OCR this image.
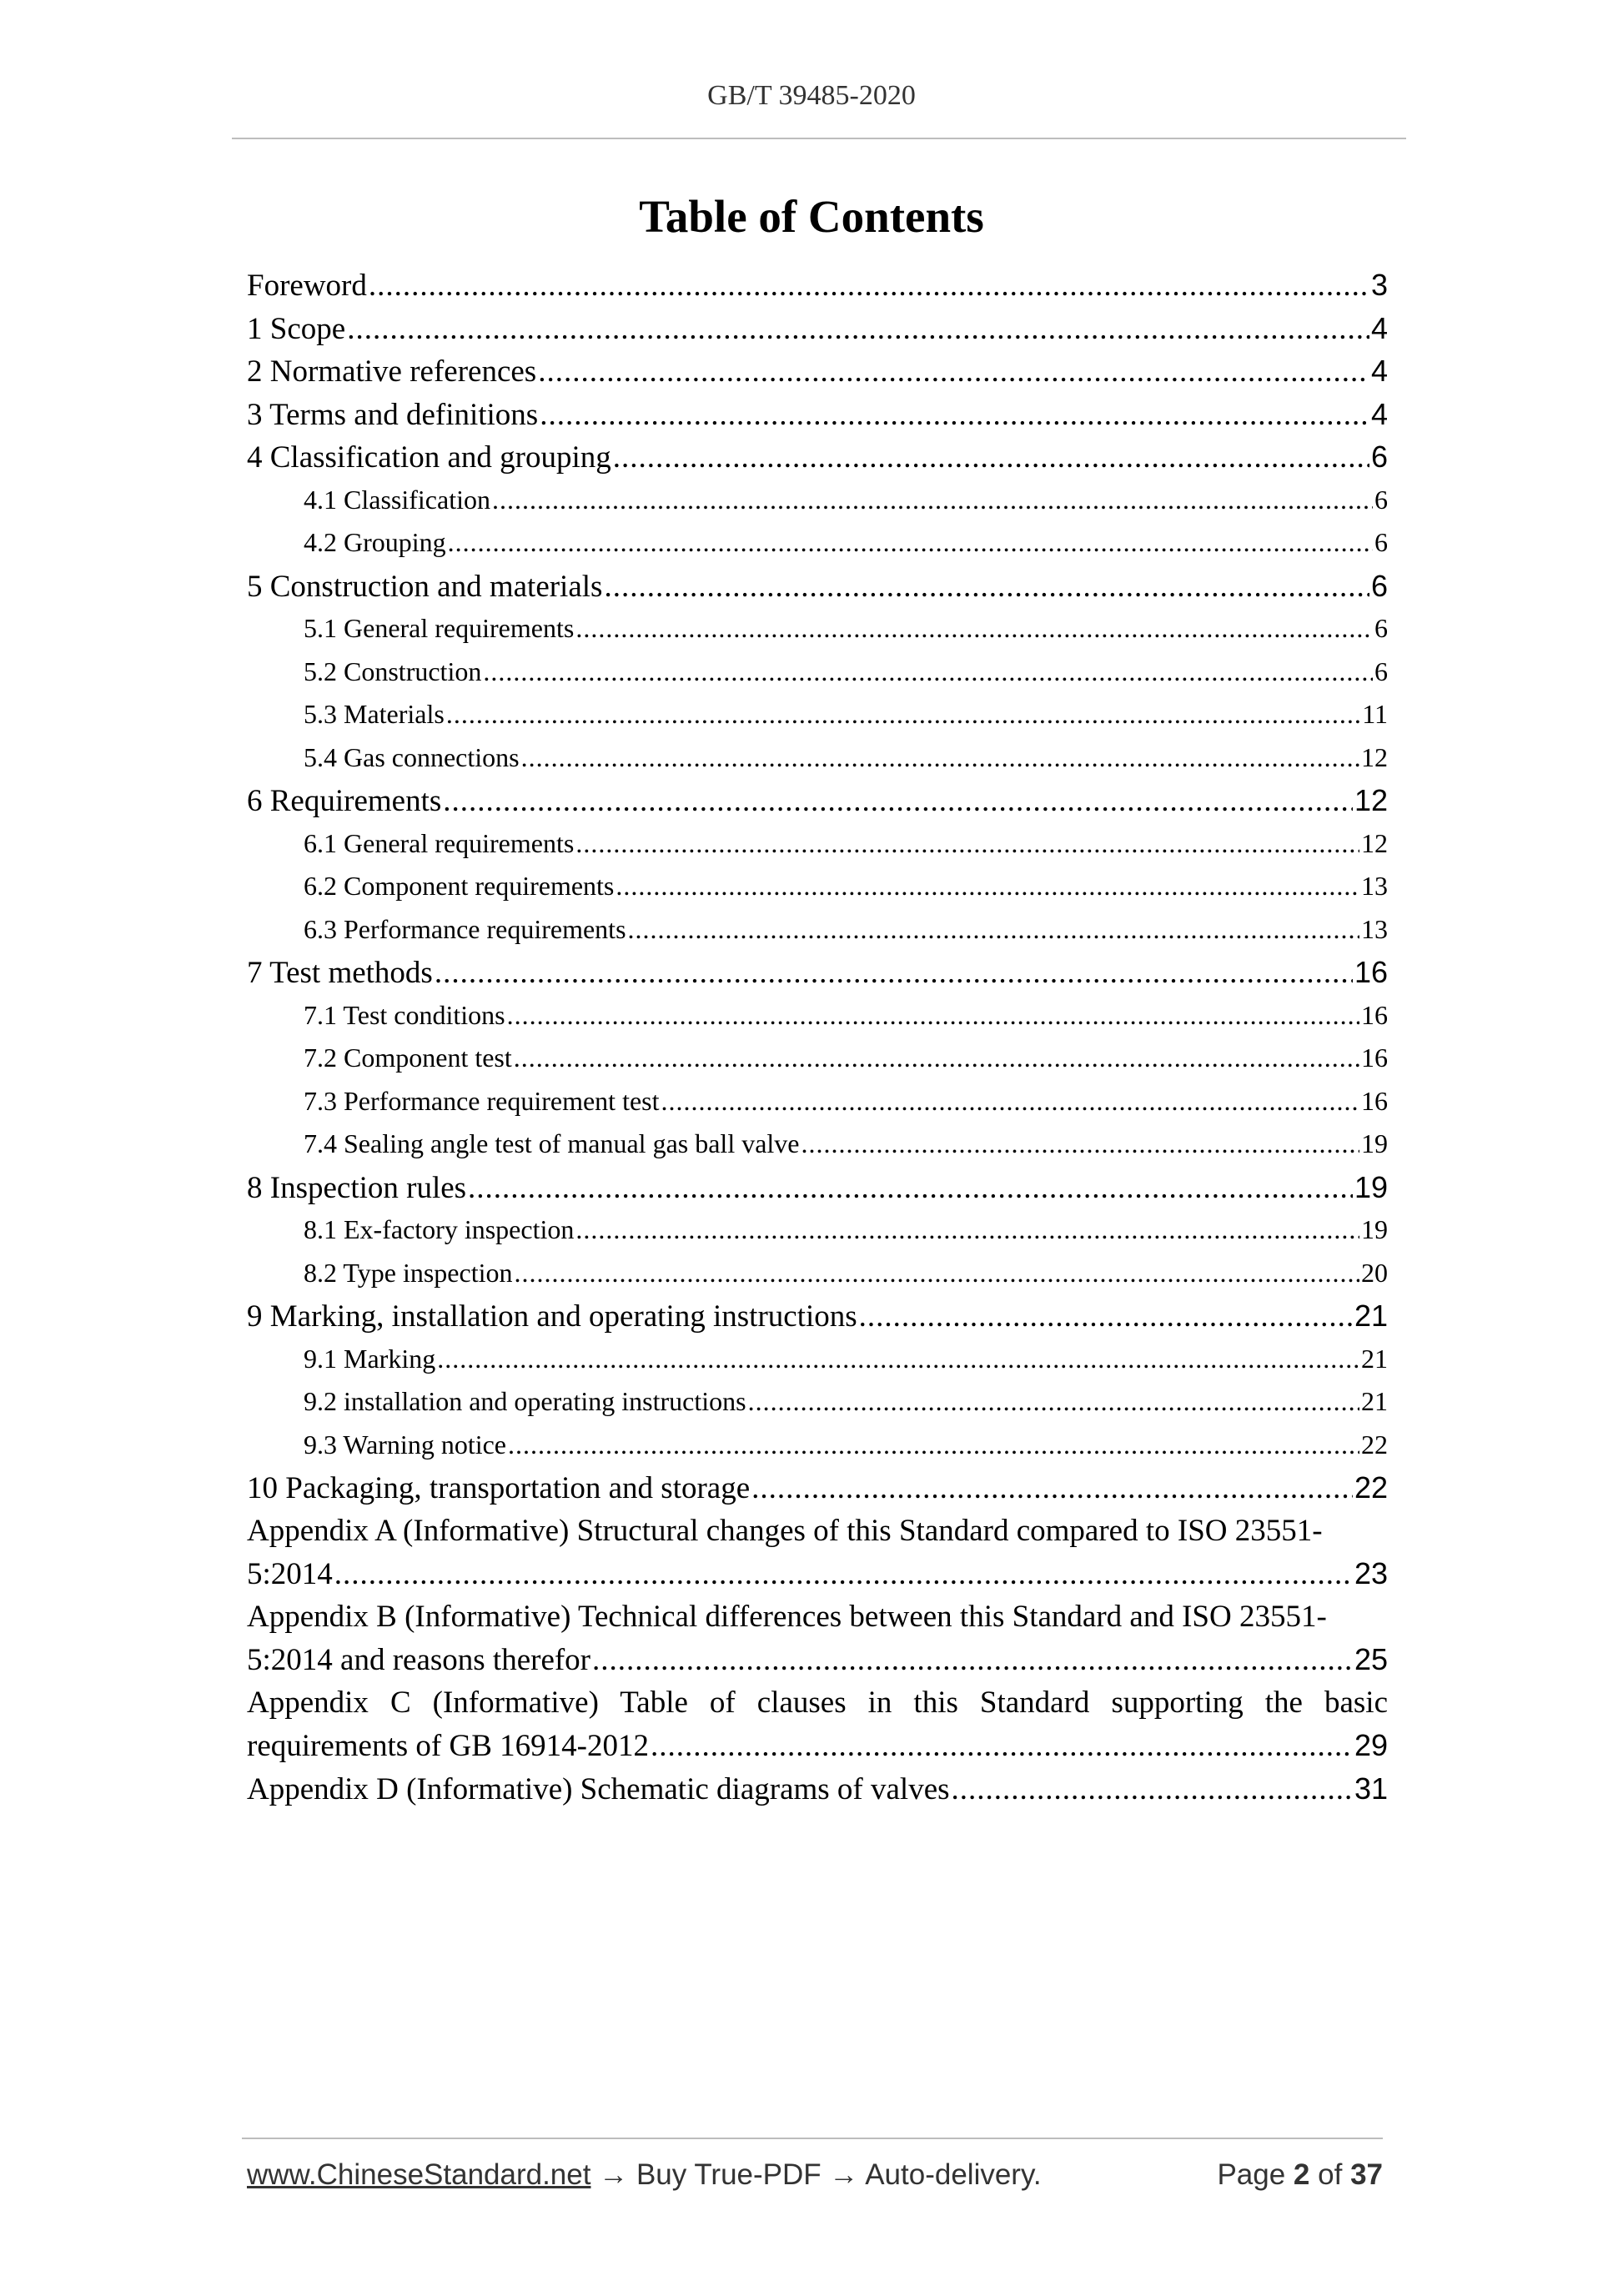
GB/T 39485-2020
Table of Contents
Foreword .....	3
1 Scope .....	4
2 Normative references .....	4
3 Terms and definitions .....	4
4 Classification and grouping .....	6
4.1 Classification .....	6
4.2 Grouping .....	6
5 Construction and materials .....	6
5.1 General requirements .....	6
5.2 Construction .....	6
5.3 Materials .....	11
5.4 Gas connections .....	12
6 Requirements .....	12
6.1 General requirements .....	12
6.2 Component requirements .....	13
6.3 Performance requirements .....	13
7 Test methods .....	16
7.1 Test conditions .....	16
7.2 Component test .....	16
7.3 Performance requirement test .....	16
7.4 Sealing angle test of manual gas ball valve .....	19
8 Inspection rules .....	19
8.1 Ex-factory inspection .....	19
8.2 Type inspection .....	20
9 Marking, installation and operating instructions .....	21
9.1 Marking .....	21
9.2 installation and operating instructions .....	21
9.3 Warning notice .....	22
10 Packaging, transportation and storage .....	22
Appendix A (Informative) Structural changes of this Standard compared to ISO 23551-
5:2014 .....	23
Appendix B (Informative) Technical differences between this Standard and ISO 23551-
5:2014 and reasons therefor .....	25
Appendix C (Informative) Table of clauses in this Standard supporting the basic
requirements of GB 16914-2012 .....	29
Appendix D (Informative) Schematic diagrams of valves .....	31
www.ChineseStandard.net → Buy True-PDF → Auto-delivery.	Page 2 of 37
